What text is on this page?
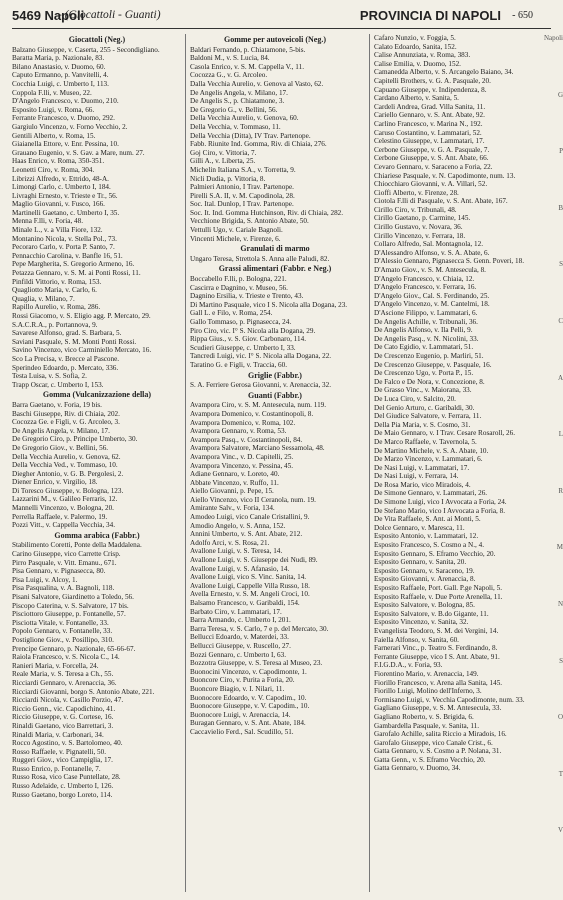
5469 Napoli
- (Giocattoli - Guanti)	PROVINCIA DI NAPOLI - 650
Giocattoli (Neg.)
Balzano Giuseppe, v. Caserta, 255 - Secondigliano.
Baratta Maria, p. Nazionale, 83.
Bilano Anastasio, v. Duomo, 60.
Caputo Ermanno, p. Vanvitelli, 4.
Cocchia Luigi, c. Umberto I, 113.
Coppola F.lli, v. Museo, 22.
D'Angelo Francesco, v. Duomo, 210.
Esposito Luigi, v. Roma, 66.
Ferrante Francesco, v. Duomo, 292.
Gargiulo Vincenzo, v. Forno Vecchio, 2.
Gentili Alberto, v. Roma, 15.
Giaianella Ettore, v. Enr. Pessina, 10.
Grauano Eugenio, v. S. Gav. a Mare, num. 27.
Haas Enrico, v. Roma, 350-351.
Leonetti Ciro, v. Roma, 304.
Librizzi Alfredo, v. Ettrido, 48-A.
Limongi Carlo, c. Umberto I, 184.
Livraghi Ernesto, v. Trieste e Tr., 56.
Maglio Giovanni, v. Fusco, 166.
Martinelli Gaetano, c. Umberto I, 35.
Menna F.lli, v. Foria, 48.
Minale L., v. a Villa Fiore, 132.
Montanino Nicola, v. Stella Pol., 73.
Pecoraro Carlo, v. Porta P. Santo, 7.
Pennacchio Carolina, v. Banfle 16, 51.
Pepe Margherita, S. Gregorio Armeno, 16.
Petazza Gennaro, v. S. M. ai Ponti Rossi, 11.
Pinfildi Vittorio, v. Roma, 153.
Quagliotto Maria, v. Carlo, 6.
Quaglia, v. Milano, 7.
Rapillo Aurelio, v. Roma, 286.
Rossi Giacomo, v. S. Eligio agg. P. Mercato, 29.
S.A.C.R.A., p. Portannova, 9.
Savarese Alfonso, grad. S. Barbara, 5.
Saviani Pasquale, S. M. Monti Ponti Rossi.
Savino Vincenzo, vico Carminiello Mercato, 16.
Sco La Precisa, v. Brecce al Pascone.
Sperindeo Edoardo, p. Mercato, 336.
Testa Luisa, v. S. Sofia, 2.
Trapp Oscar, c. Umberto I, 153.
Gomma (Vulcanizzazione della)
Barra Gaetano, v. Foria, 19 bis.
Baschi Giuseppe, Riv. di Chiaia, 202.
Cocozza Ge. e Figli, v. G. Arcoleo, 3.
De Angelis Angela, v. Milano, 17.
De Gregorio Ciro, p. Principe Umberto, 30.
De Gregorio Giov., v. Bellini, 56.
Della Vecchia Aurelio, v. Genova, 62.
Della Vecchia Ved., v. Tommaso, 10.
Diegher Antonio, v. G. B. Pergolesi, 2.
Diener Enrico, v. Virgilio, 18.
Di Toresco Giuseppe, v. Bologna, 123.
Lazzarini M., v. Galileo Ferraris, 12.
Mannelli Vincenzo, v. Bologna, 20.
Perrella Raffaele, v. Palermo, 19.
Pozzi Vitt., v. Cappella Vecchia, 34.
Gomma arabica (Fabbr.)
Stabilimento Coretti, Ponte della Maddalena.
Carino Giuseppe, vico Carrette Crisp.
Pirro Pasquale, v. Vitt. Emanu., 671.
Pisa Gennaro, v. Pignasecca, 80.
Pisa Luigi, v. Alcoy, 1.
Pisa Pasqualina, v. A. Bagnoli, 118.
Pisani Salvatore, Giardinetto a Toledo, 56.
Piscopo Caterina, v. S. Salvatore, 17 bis.
Pisciottoro Giuseppe, p. Fontanelle, 57.
Pisciotta Vitale, v. Fontanelle, 33.
Popolo Gennaro, v. Fontanelle, 33.
Postiglione Giov., v. Posillipo, 310.
Prencipe Gennaro, p. Nazionale, 65-66-67.
Raiola Francesco, v. S. Nicola C., 14.
Ranieri Maria, v. Forcella, 24.
Reale Maria, v. S. Teresa a Ch., 55.
Ricciardi Gennaro, v. Arenaccia, 36.
Ricciardi Giovanni, borgo S. Antonio Abate, 221.
Ricciardi Nicola, v. Casillo Porzio, 47.
Riccio Genn., vic. Capodichino, 41.
Riccio Giuseppe, v. G. Cortese, 16.
Rinaldi Gaetano, vico Barrettari, 3.
Rinaldi Maria, v. Carbonari, 34.
Rocco Agostino, v. S. Bartolomeo, 40.
Rosso Raffaele, v. Pignatelli, 50.
Ruggeri Giov., vico Campiglia, 17.
Russo Enrico, p. Fontanelle, 7.
Russo Rosa, vico Case Puntellate, 28.
Russo Adelaide, c. Umberto I, 126.
Russo Gaetano, borgo Loreto, 114.
Gomme per autoveicoli (Neg.)
Baldari Fernando, p. Chiatamone, 5-bis.
Baldoni M., v. S. Lucia, 84.
Casola Enrico, v. S. M. Cappella V., 11.
Cocozza G., v. G. Arcoleo.
Dalla Vecchia Aurelio, v. Genova al Vasto, 62.
De Angelis Angela, v. Milano, 17.
De Angelis S., p. Chiatamone, 3.
De Gregorio G., v. Bellini, 56.
Della Vecchia Aurelio, v. Genova, 60.
Della Vecchia, v. Tommaso, 11.
Della Vecchia (Ditta), IV Trav. Partenope.
Fabb. Riunite Ind. Gomma, Riv. di Chiaia, 276.
Goj Ciro, v. Vittoria, 7.
Gilli A., v. Liberta, 25.
Michelin Italiana S.A., v. Torretta, 9.
Nicli Dudia, p. Vittoria, 8.
Palmieri Antonio, I Trav. Partenope.
Pirelli S.A. II, v. M. Capodinola, 28.
Soc. Ital. Dunlop, I Trav. Partenope.
Soc. It. Ind. Gomma Hutchinson, Riv. di Chiaia, 282.
Vecchione Brigida, S. Antonio Abate, 50.
Vettulli Ugo, v. Cariale Bagnoli.
Vincenti Michele, v. Firenze, 6.
Granulati di marmo
Ungaro Teresa, Strettola S. Anna alle Paludi, 82.
Grassi alimentari (Fabbr. e Neg.)
Boccabello F.lli, p. Bologna, 221.
Cascirra e Dagnino, v. Museo, 56.
Dagnino Ersilia, v. Trieste e Trento, 43.
Di Martino Pasquale, vico I S. Nicola alla Dogana, 23.
Gall L. e Filo, v. Roma, 254.
Gallo Tommaso, p. Pignasecca, 24.
Piro Ciro, vic. I° S. Nicola alla Dogana, 29.
Rippa Gius., v. S. Giov. Carbonaro, 114.
Scudieri Giuseppe, c. Umberto I, 33.
Tancredi Luigi, vic. I° S. Nicola alla Dogana, 22.
Taratino G. e Figli, v. Traccia, 60.
Griglie (Fabbr.)
S. A. Ferriere Gerosa Giovanni, v. Arenaccia, 32.
Guanti (Fabbr.)
Avampora Ciro, v. S. M. Antesecula, num. 119.
Avampora Domenico, v. Costantinopoli, 8.
Avampora Domenico, v. Roma, 102.
Avampora Gennaro, v. Roma, 53.
Avampora Pasq., v. Costantinopoli, 84.
Avampora Salvatore, Marciano Sessamola, 48.
Avampora Vinc., v. D. Capitelli, 25.
Avampora Vincenzo, v. Pessina, 45.
Adiane Gennaro, v. Loreto, 40.
Abbate Vincenzo, v. Ruffo, 11.
Aiello Giovanni, p. Pepe, 15.
Aiello Vincenzo, vico II Ceranola, num. 19.
Amirante Salv., v. Foria, 134.
Amodeo Luigi, vico Canale Cristallini, 9.
Amodio Angelo, v. S. Anna, 152.
Annini Umberto, v. S. Ant. Abate, 212.
Adolfo Arci, v. S. Rosa, 21.
Avallone Luigi, v. S. Teresa, 14.
Avallone Luigi, v. S. Giuseppe dei Nudi, 89.
Avallone Luigi, v. S. Afanasio, 14.
Avallone Luigi, vico S. Vinc. Sanita, 14.
Avallone Luigi, Cappelle Villa Russo, 18.
Avella Ernesto, v. S. M. Angeli Croci, 10.
Balsamo Francesco, v. Garibaldi, 154.
Barbato Ciro, v. Lammatari, 17.
Barra Armando, c. Umberto I, 201.
Barra Teresa, v. S. Carlo, 7 e p. del Mercato, 30.
Bellucci Edoardo, v. Materdei, 33.
Bellucci Giuseppe, v. Ruscello, 27.
Bozzi Gennaro, c. Umberto I, 63.
Bozzotra Giuseppe, v. S. Teresa al Museo, 23.
Buonocini Vincenzo, v. Capodimonte, 1.
Buoncore Ciro, v. Purita a Foria, 20.
Buoncore Biagio, v. I. Nilari, 11.
Buonocore Edoardo, v. V. Capodim., 10.
Buonocore Giuseppe, v. V. Capodim., 10.
Buonocore Luigi, v. Arenaccia, 14.
Buragan Gennaro, v. S. Ant. Abate, 184.
Caccavielio Ferd., Sal. Scudillo, 51.
Cafaro Nunzio, v. Foggia, 5.
Calato Edoardo, Sanita, 152.
Calise Annunziata, v. Roma, 383.
Calise Emilia, v. Duomo, 152.
Camanedda Alberto, v. S. Arcangelo Baiano, 34.
Capitelli Brothers, v. G. A. Pasquale, 20.
Capuano Giuseppe, v. Indipendenza, 8.
Cardano Alberto, v. Sanita, 5.
Cardeli Andrea, Grad. Villa Sanita, 11.
Cariello Gennaro, v. S. Ant. Abate, 92.
Carlino Francesco, v. Marina N., 192.
Caruso Costantino, v. Lammatari, 52.
Celestino Giuseppe, v. Lammatari, 17.
Cerbone Giuseppe, v. G. A. Pasquale, 7.
Cerbone Giuseppe, v. S. Ant. Abate, 66.
Cevaro Gennaro, v. Saraceno a Foria, 22.
Chiariese Pasquale, v. N. Capodimonte, num. 13.
Chiocchiaro Giovanni, v. A. Villari, 52.
Cioffi Alberto, v. Firenze, 28.
Ciotola F.lli di Pasquale, v. S. Ant. Abate, 167.
Cirillo Ciro, v. Tribunali, 48.
Cirillo Gaetano, p. Carmine, 145.
Cirillo Gustavo, v. Novara, 36.
Cirillo Vincenzo, v. Ferrara, 18.
Collaro Alfredo, Sal. Montagnola, 12.
D'Alessandro Alfonso, v. S. A. Abate, 6.
D'Alessio Gennaro, Pignasecca S. Genn. Poveri, 18.
D'Amato Giov., v. S. M. Antesecula, 8.
D'Angelo Francesco, v. Chiaia, 12.
D'Angelo Francesco, v. Ferrara, 16.
D'Angelo Giov., Cal. S. Ferdinando, 25.
D'Angelo Vincenzo, v. M. Cantelmi, 18.
D'Ascione Filippo, v. Lammatari, 6.
De Angelis Achille, v. Tribunali, 36.
De Angelis Alfonso, v. Ila Pelli, 9.
De Angelis Pasq., v. N. Nicolini, 33.
De Cato Egidio, v. Lammatari, 51.
De Crescenzo Eugenio, p. Marliri, 51.
De Crescenzo Giuseppe, v. Pasquale, 16.
De Crescenzo Ugo, v. Porta P., 15.
De Falco e De Nora, v. Concezione, 8.
De Grasso Vinc., v. Maiorana, 33.
De Luca Ciro, v. Salcito, 20.
Del Genio Arturo, c. Garibaldi, 30.
Del Giudice Salvatore, v. Ferrara, 11.
Della Pia Maria, v. S. Cosmo, 31.
De Maio Gennaro, v. I Trav. Cesare Rosaroll, 26.
De Marco Raffaele, v. Tavernola, 5.
De Martino Michele, v. S. A. Abate, 10.
De Marzo Vincenzo, v. Lammatari, 6.
De Nasi Luigi, v. Lammatari, 17.
De Nasi Luigi, v. Ferrara, 14.
De Rosa Mario, vico Miradois, 4.
De Simone Gennaro, v. Lammatari, 26.
De Simone Luigi, vico I Avvocata a Foria, 24.
De Stefano Mario, vico I Avvocata a Foria, 8.
De Vita Raffaele, S. Ant. ai Monti, 5.
Dolce Gennaro, v. Maresca, 11.
Esposito Antonio, v. Lammatari, 12.
Esposito Francesco, S. Cosmo a N., 4.
Esposito Gennaro, S. Eframo Vecchio, 20.
Esposito Gennaro, v. Sanita, 20.
Esposito Gennaro, v. Saraceno, 19.
Esposito Giovanni, v. Arenaccia, 8.
Esposito Raffaele, Port. Gall. P.ge Napoli, 5.
Esposito Raffaele, v. Due Porte Arenella, 11.
Esposito Salvatore, v. Bologna, 85.
Esposito Salvatore, v. B.do Gigante, 11.
Esposito Vincenzo, v. Sanita, 32.
Evangelista Teodoro, S. M. dei Vergini, 14.
Faiella Alfonso, v. Sanita, 60.
Farnerari Vinc., p. Teatro S. Ferdinando, 8.
Ferrante Giuseppe, vico I S. Ant. Abate, 91.
F.I.G.D.A., v. Foria, 93.
Fiorentino Mario, v. Arenaccia, 149.
Fiorillo Francesco, v. Arena alla Sanita, 145.
Fiorillo Luigi, Molino dell'Inferno, 3.
Formisano Luigi, v. Vecchia Capodimonte, num. 33.
Gagliano Giuseppe, v. S. M. Antesecula, 33.
Gagliano Roberto, v. S. Brigida, 6.
Gambardella Pasquale, v. Sanita, 11.
Garofalo Achille, salita Riccio a Miradois, 16.
Garofalo Giuseppe, vico Canale Crist., 6.
Gatta Gennaro, v. S. Cosmo a P. Nolana, 31.
Gatta Genn., v. S. Eframo Vecchio, 20.
Gatta Gennaro, v. Duomo, 34.
Napoli
G
P
B
S
C
A
L
R
M
N
S
O
T
V
